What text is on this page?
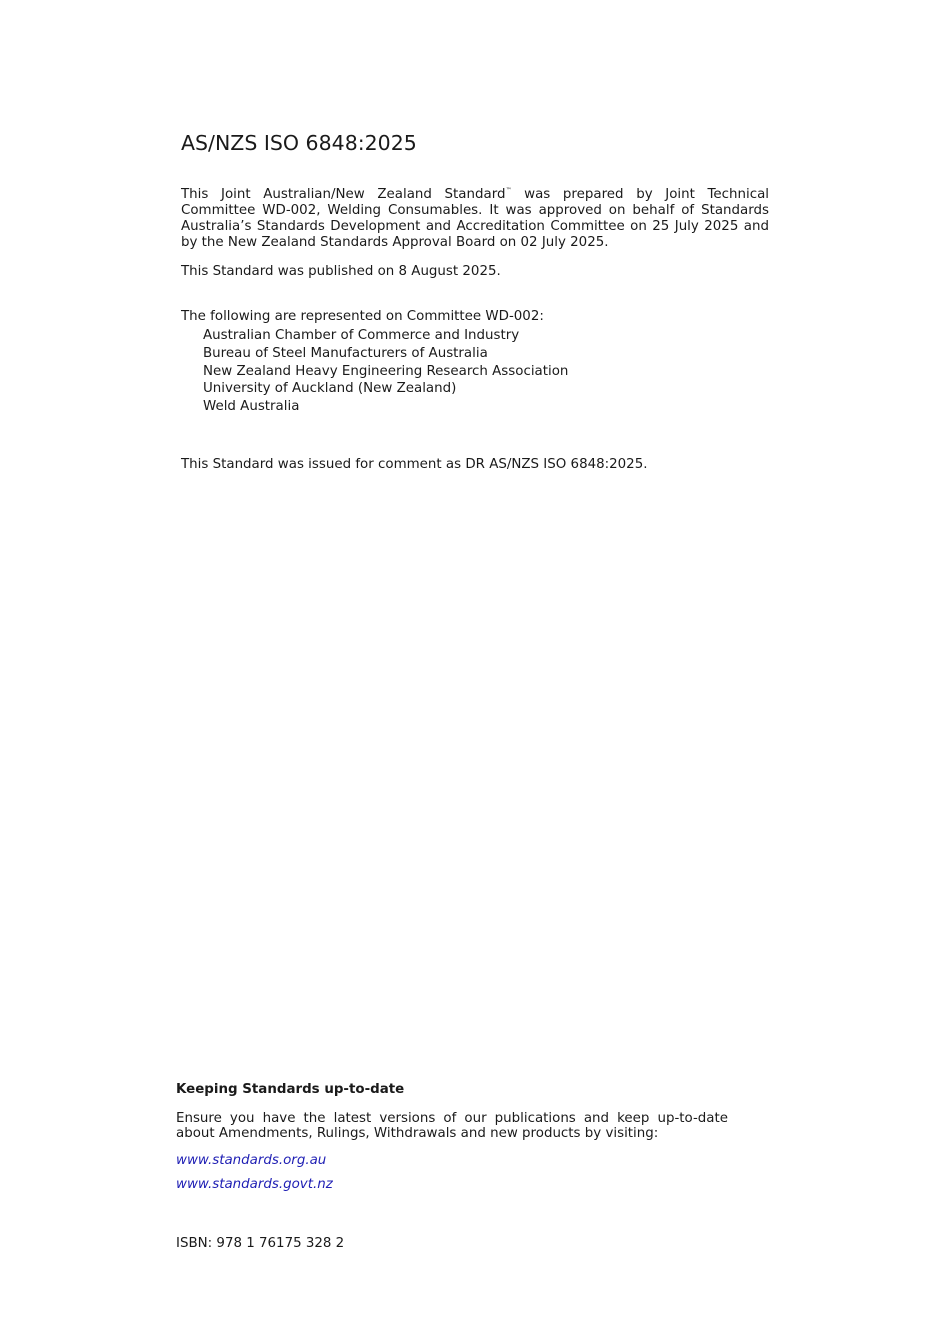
AS/NZS ISO 6848:2025

This Joint Australian/New Zealand Standard™ was prepared by Joint Technical Committee WD-002, Welding Consumables. It was approved on behalf of Standards Australia’s Standards Development and Accreditation Committee on 25 July 2025 and by the New Zealand Standards Approval Board on 02 July 2025.

This Standard was published on 8 August 2025.

The following are represented on Committee WD-002:

Australian Chamber of Commerce and Industry
Bureau of Steel Manufacturers of Australia
New Zealand Heavy Engineering Research Association
University of Auckland (New Zealand)
Weld Australia

This Standard was issued for comment as DR AS/NZS ISO 6848:2025.

Keeping Standards up-to-date

Ensure you have the latest versions of our publications and keep up-to-date about Amendments, Rulings, Withdrawals and new products by visiting:

www.standards.org.au
www.standards.govt.nz

ISBN: 978 1 76175 328 2
